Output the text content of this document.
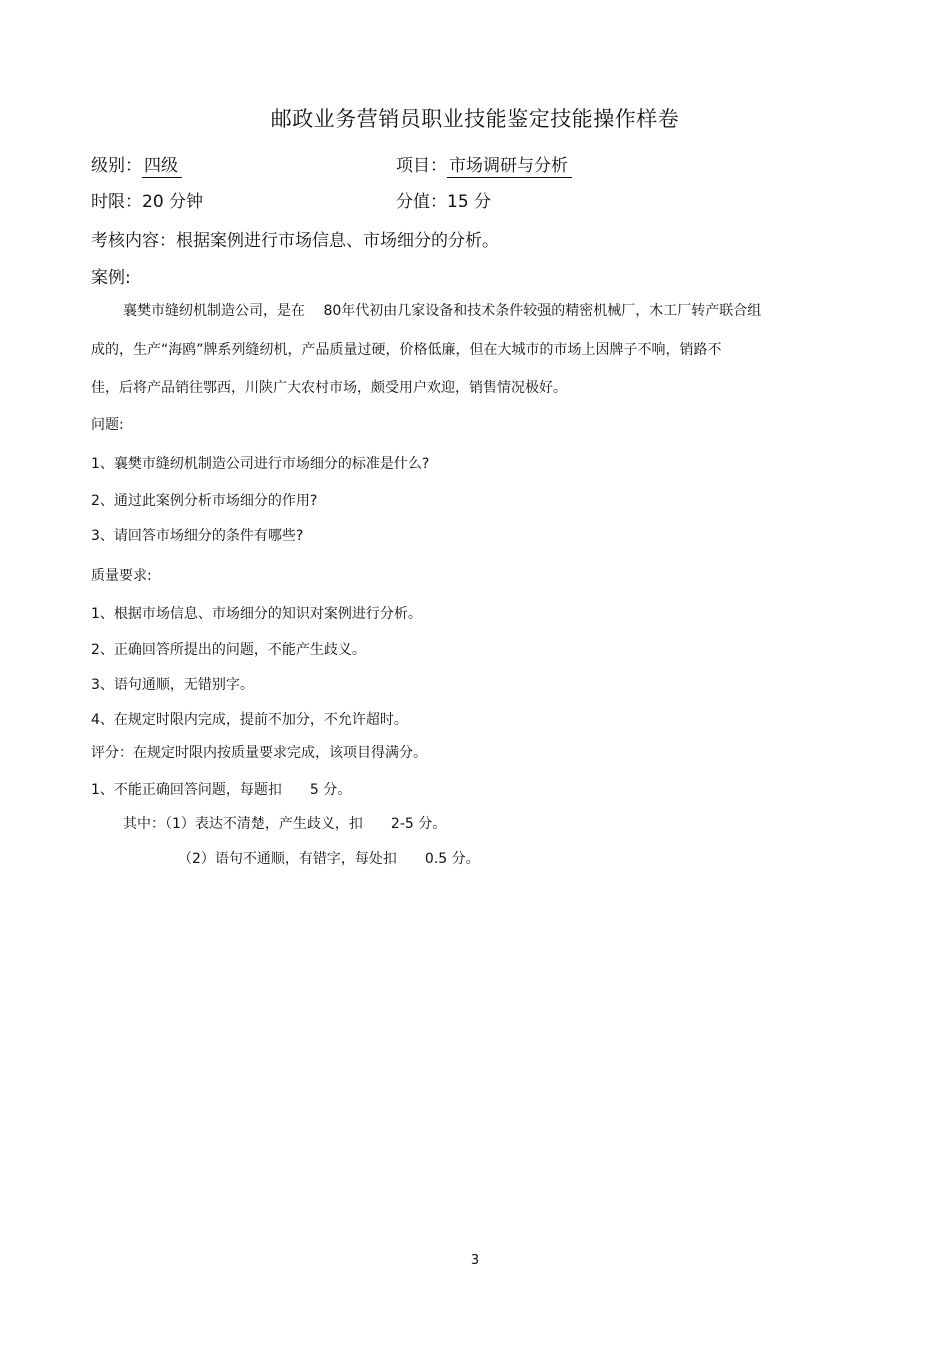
邮政业务营销员职业技能鉴定技能操作样卷
级别： 四级	项目： 市场调研与分析
时限：20 分钟	分值：15 分
考核内容：根据案例进行市场信息、市场细分的分析。
案例:
襄樊市缝纫机制造公司，是在　 80年代初由几家设备和技术条件较强的精密机械厂，木工厂转产联合组
成的，生产“海鸥”牌系列缝纫机，产品质量过硬，价格低廉，但在大城市的市场上因牌子不响，销路不
佳，后将产品销往鄂西，川陕广大农村市场，颇受用户欢迎，销售情况极好。
问题:
1、襄樊市缝纫机制造公司进行市场细分的标准是什么?
2、通过此案例分析市场细分的作用?
3、请回答市场细分的条件有哪些?
质量要求:
1、根据市场信息、市场细分的知识对案例进行分析。
2、正确回答所提出的问题，不能产生歧义。
3、语句通顺，无错别字。
4、在规定时限内完成，提前不加分，不允许超时。
评分：在规定时限内按质量要求完成，该项目得满分。
1、不能正确回答问题，每题扣　　5 分。
其中：（1）表达不清楚，产生歧义，扣　　2-5 分。
（2）语句不通顺，有错字，每处扣　　0.5 分。
3
